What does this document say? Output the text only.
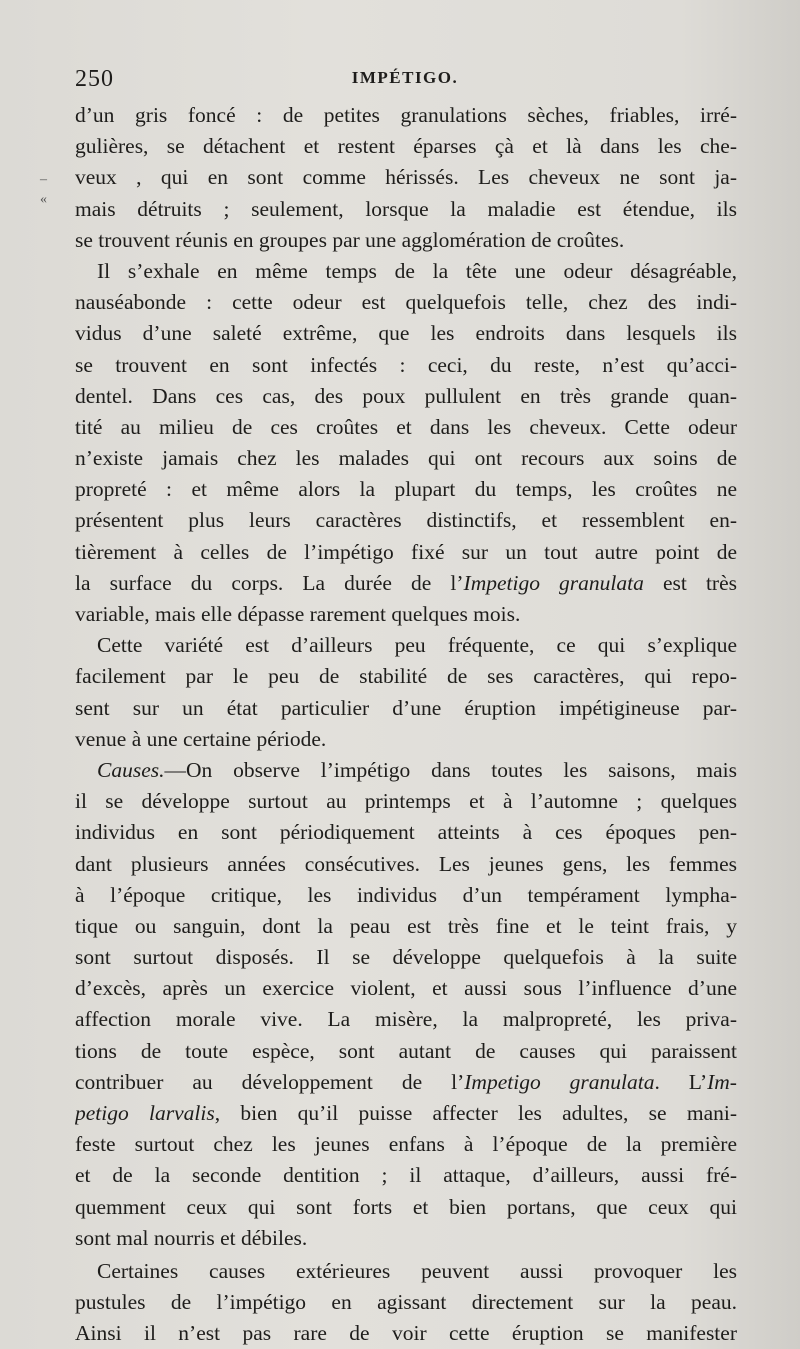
250	IMPÉTIGO.
–
«
d’un gris foncé : de petites granulations sèches, friables, irré-
gulières, se détachent et restent éparses çà et là dans les che-
veux , qui en sont comme hérissés. Les cheveux ne sont ja-
mais détruits ; seulement, lorsque la maladie est étendue, ils
se trouvent réunis en groupes par une agglomération de croûtes.
Il s’exhale en même temps de la tête une odeur désagréable,
nauséabonde : cette odeur est quelquefois telle, chez des indi-
vidus d’une saleté extrême, que les endroits dans lesquels ils
se trouvent en sont infectés : ceci, du reste, n’est qu’acci-
dentel. Dans ces cas, des poux pullulent en très grande quan-
tité au milieu de ces croûtes et dans les cheveux. Cette odeur
n’existe jamais chez les malades qui ont recours aux soins de
propreté : et même alors la plupart du temps, les croûtes ne
présentent plus leurs caractères distinctifs, et ressemblent en-
tièrement à celles de l’impétigo fixé sur un tout autre point de
la surface du corps. La durée de l’Impetigo granulata est très
variable, mais elle dépasse rarement quelques mois.
Cette variété est d’ailleurs peu fréquente, ce qui s’explique
facilement par le peu de stabilité de ses caractères, qui repo-
sent sur un état particulier d’une éruption impétigineuse par-
venue à une certaine période.
Causes.—On observe l’impétigo dans toutes les saisons, mais
il se développe surtout au printemps et à l’automne ; quelques
individus en sont périodiquement atteints à ces époques pen-
dant plusieurs années consécutives. Les jeunes gens, les femmes
à l’époque critique, les individus d’un tempérament lympha-
tique ou sanguin, dont la peau est très fine et le teint frais, y
sont surtout disposés. Il se développe quelquefois à la suite
d’excès, après un exercice violent, et aussi sous l’influence d’une
affection morale vive. La misère, la malpropreté, les priva-
tions de toute espèce, sont autant de causes qui paraissent
contribuer au développement de l’Impetigo granulata. L’Im-
petigo larvalis, bien qu’il puisse affecter les adultes, se mani-
feste surtout chez les jeunes enfans à l’époque de la première
et de la seconde dentition ; il attaque, d’ailleurs, aussi fré-
quemment ceux qui sont forts et bien portans, que ceux qui
sont mal nourris et débiles.
Certaines causes extérieures peuvent aussi provoquer les
pustules de l’impétigo en agissant directement sur la peau.
Ainsi il n’est pas rare de voir cette éruption se manifester
